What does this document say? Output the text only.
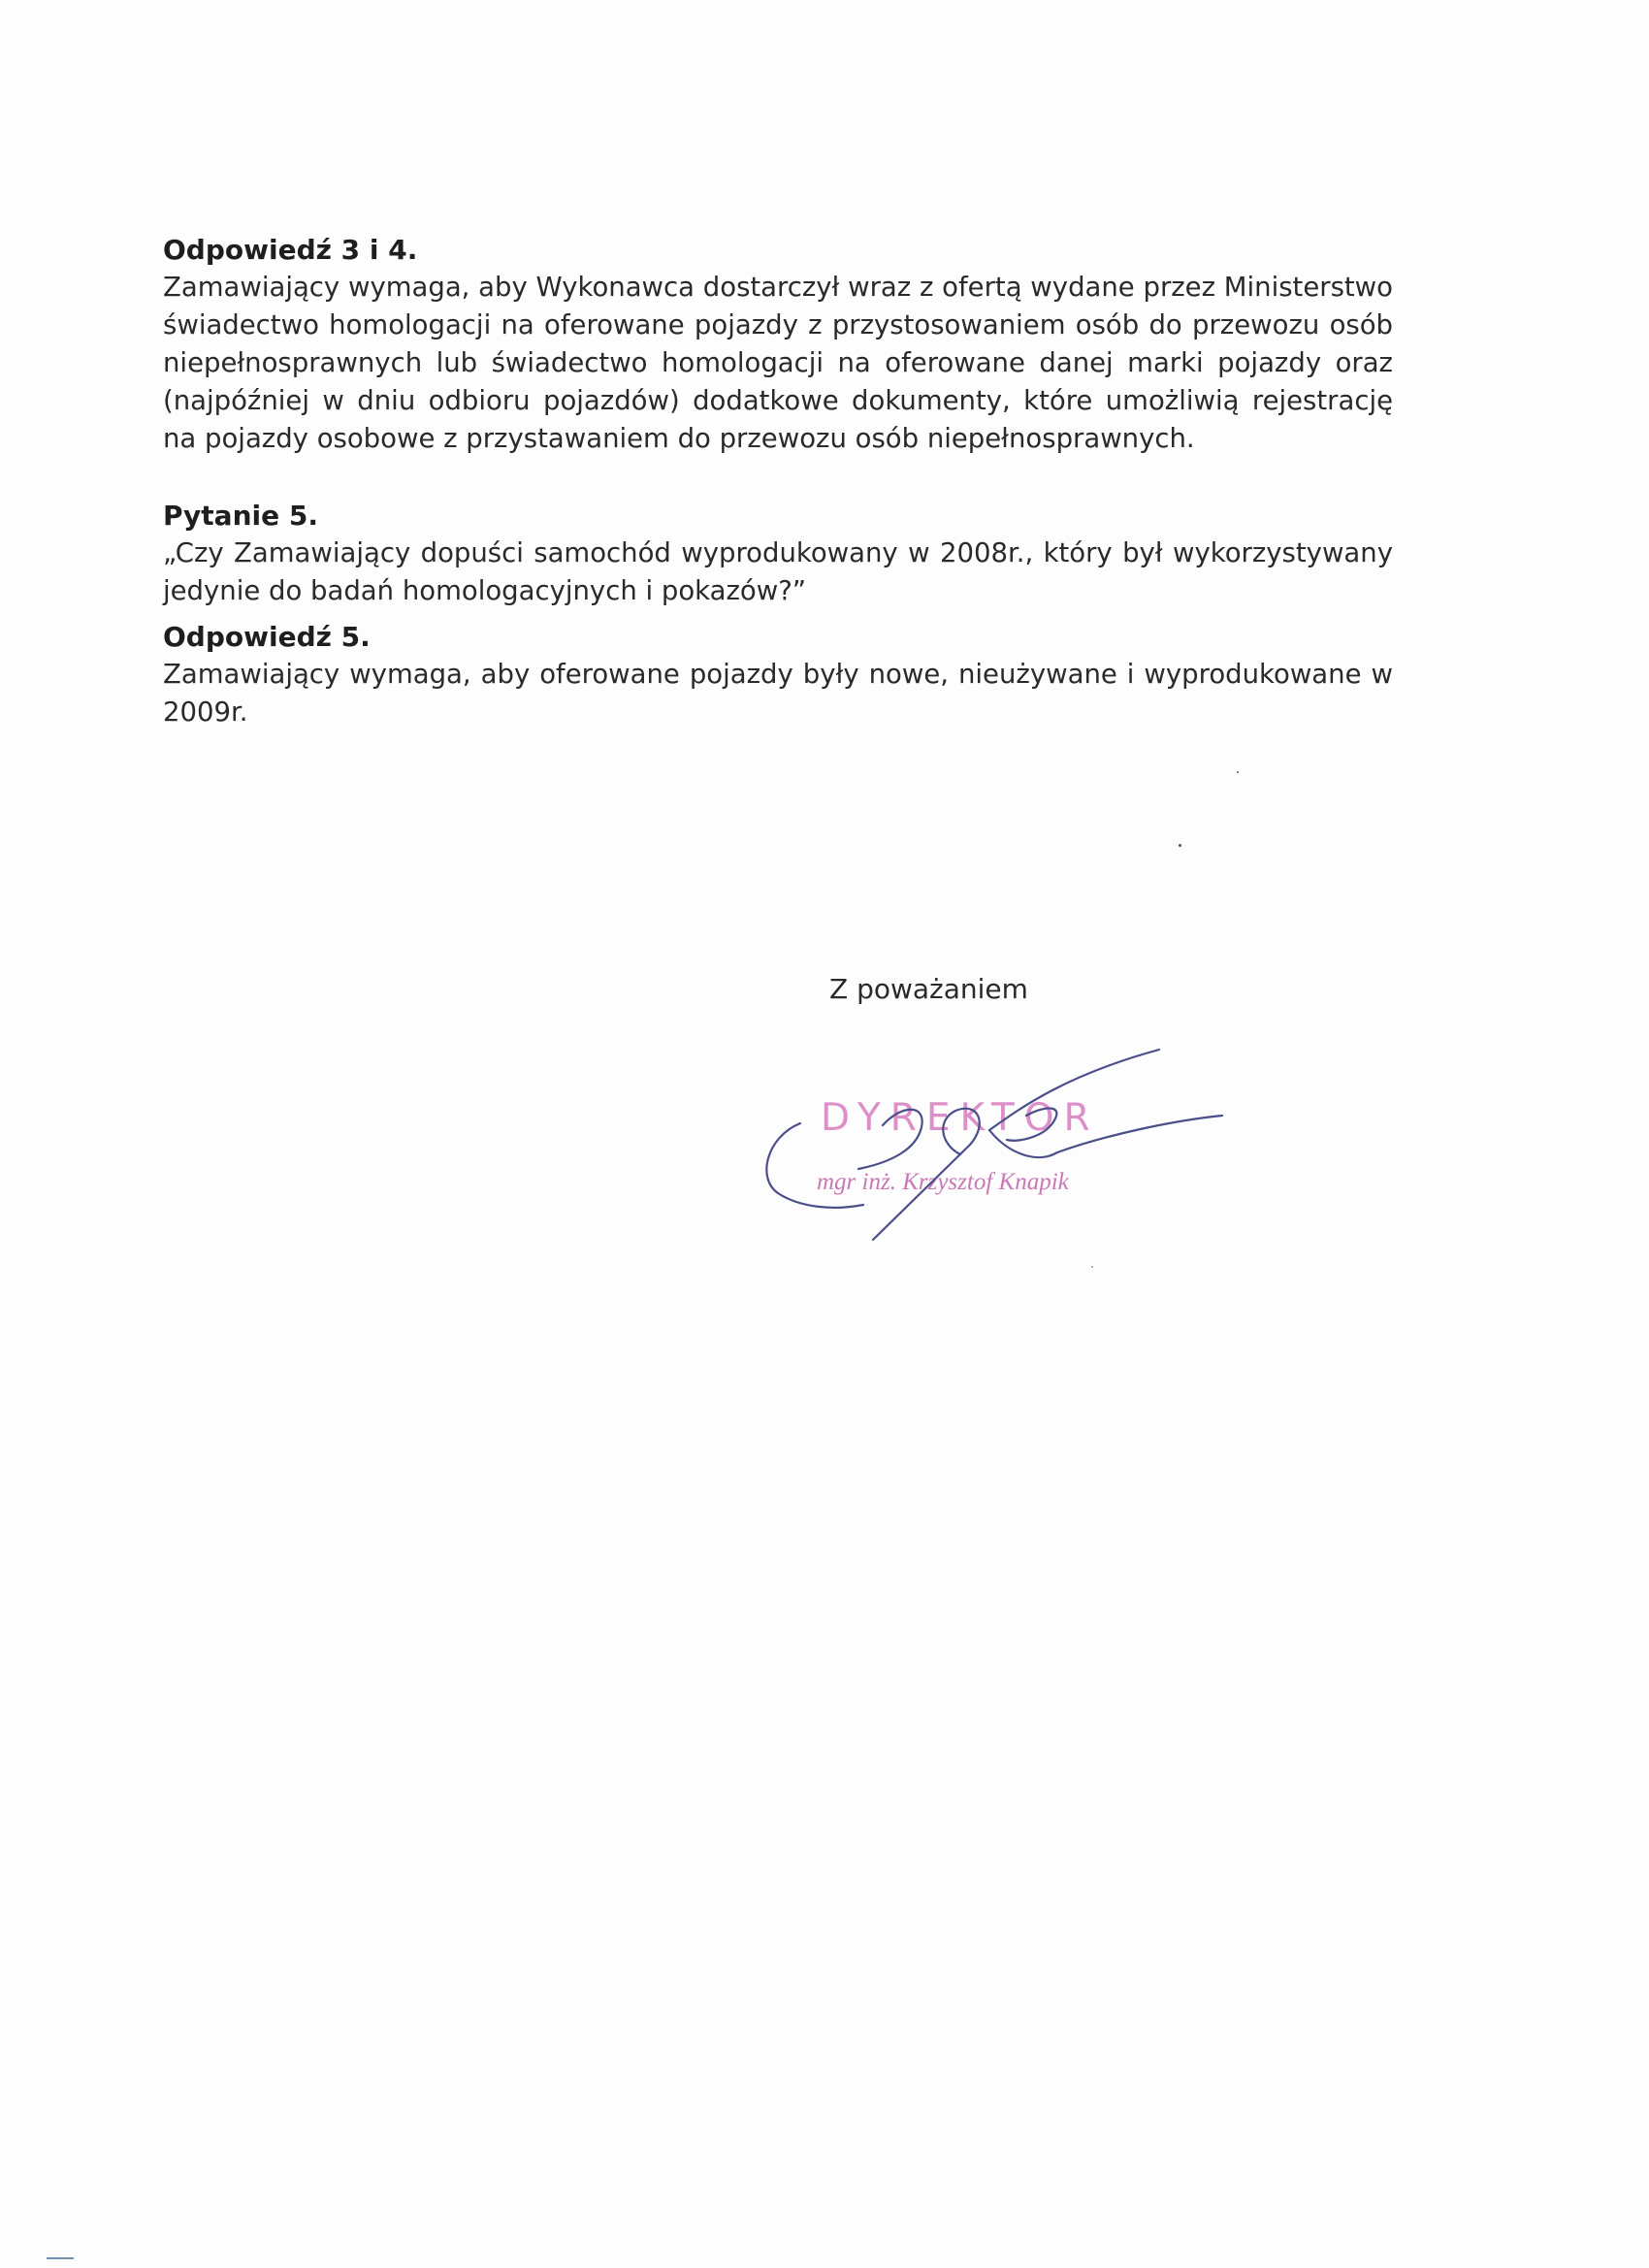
Odpowiedź 3 i 4.

Zamawiający wymaga, aby Wykonawca dostarczył wraz z ofertą wydane przez Ministerstwo świadectwo homologacji na oferowane pojazdy z przystosowaniem osób do przewozu osób niepełnosprawnych lub świadectwo homologacji na oferowane danej marki pojazdy oraz (najpóźniej w dniu odbioru pojazdów) dodatkowe dokumenty, które umożliwią rejestrację na pojazdy osobowe z przystawaniem do przewozu osób niepełnosprawnych.

Pytanie 5.

„Czy Zamawiający dopuści samochód wyprodukowany w 2008r., który był wykorzystywany jedynie do badań homologacyjnych i pokazów?”

Odpowiedź 5.

Zamawiający wymaga, aby oferowane pojazdy były nowe, nieużywane i wyprodukowane w 2009r.

Z poważaniem
DYREKTOR
mgr inż. Krzysztof Knapik
